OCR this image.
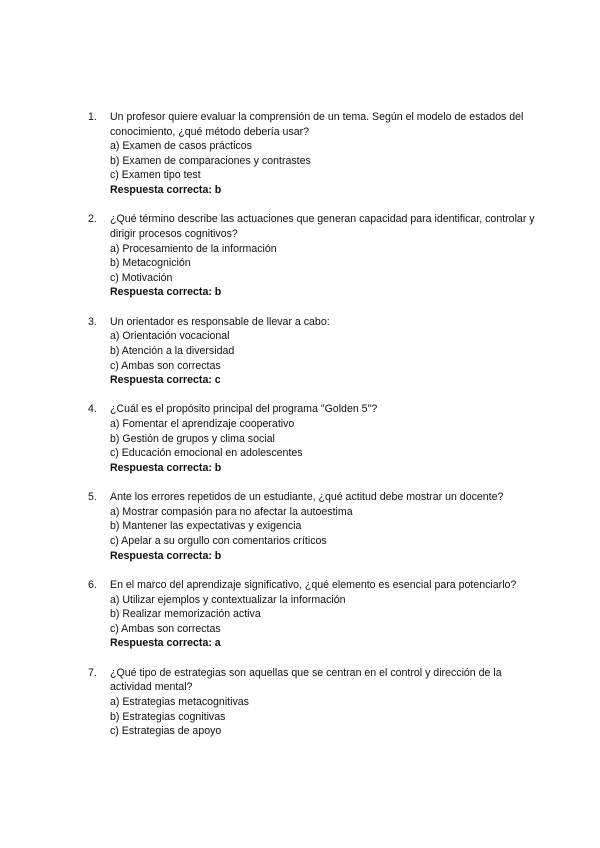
1.	Un profesor quiere evaluar la comprensión de un tema. Según el modelo de estados del conocimiento, ¿qué método debería usar?
a) Examen de casos prácticos
b) Examen de comparaciones y contrastes
c) Examen tipo test
Respuesta correcta: b
2.	¿Qué término describe las actuaciones que generan capacidad para identificar, controlar y dirigir procesos cognitivos?
a) Procesamiento de la información
b) Metacognición
c) Motivación
Respuesta correcta: b
3.	Un orientador es responsable de llevar a cabo:
a) Orientación vocacional
b) Atención a la diversidad
c) Ambas son correctas
Respuesta correcta: c
4.	¿Cuál es el propósito principal del programa "Golden 5"?
a) Fomentar el aprendizaje cooperativo
b) Gestión de grupos y clima social
c) Educación emocional en adolescentes
Respuesta correcta: b
5.	Ante los errores repetidos de un estudiante, ¿qué actitud debe mostrar un docente?
a) Mostrar compasión para no afectar la autoestima
b) Mantener las expectativas y exigencia
c) Apelar a su orgullo con comentarios críticos
Respuesta correcta: b
6.	En el marco del aprendizaje significativo, ¿qué elemento es esencial para potenciarlo?
a) Utilizar ejemplos y contextualizar la información
b) Realizar memorización activa
c) Ambas son correctas
Respuesta correcta: a
7.	¿Qué tipo de estrategias son aquellas que se centran en el control y dirección de la actividad mental?
a) Estrategias metacognitivas
b) Estrategias cognitivas
c) Estrategias de apoyo
